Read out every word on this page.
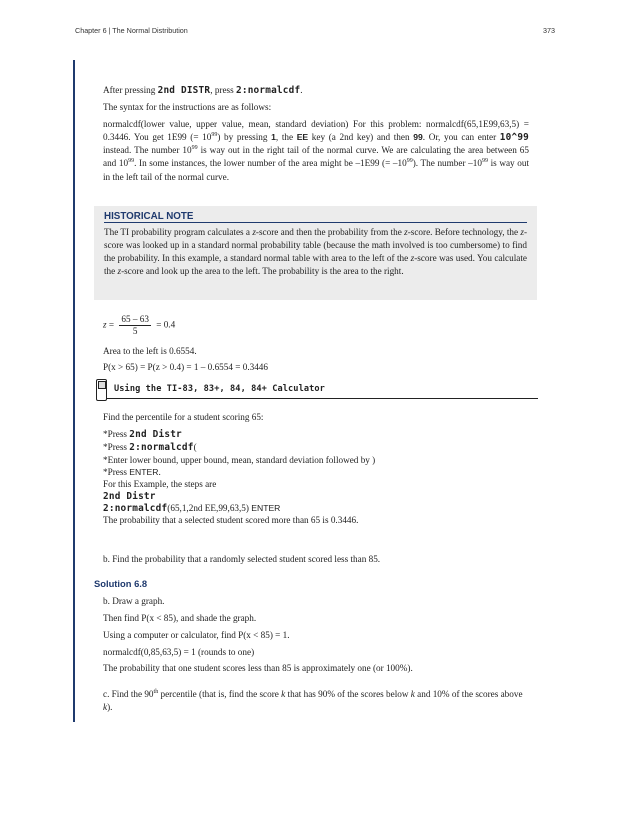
Chapter 6 | The Normal Distribution	373
After pressing 2nd DISTR, press 2:normalcdf.
The syntax for the instructions are as follows:
normalcdf(lower value, upper value, mean, standard deviation) For this problem: normalcdf(65,1E99,63,5) = 0.3446. You get 1E99 (= $10^{99}$) by pressing 1, the EE key (a 2nd key) and then 99. Or, you can enter 10^99 instead. The number $10^{99}$ is way out in the right tail of the normal curve. We are calculating the area between 65 and $10^{99}$. In some instances, the lower number of the area might be –1E99 (= $-10^{99}$). The number $-10^{99}$ is way out in the left tail of the normal curve.
HISTORICAL NOTE
The TI probability program calculates a z-score and then the probability from the z-score. Before technology, the z-score was looked up in a standard normal probability table (because the math involved is too cumbersome) to find the probability. In this example, a standard normal table with area to the left of the z-score was used. You calculate the z-score and look up the area to the left. The probability is the area to the right.
$z = \frac{65 - 63}{5} = 0.4$
Area to the left is 0.6554.
P(x > 65) = P(z > 0.4) = 1 – 0.6554 = 0.3446
Using the TI-83, 83+, 84, 84+ Calculator
Find the percentile for a student scoring 65:
*Press 2nd Distr
*Press 2:normalcdf(
*Enter lower bound, upper bound, mean, standard deviation followed by )
*Press ENTER.
For this Example, the steps are
2nd Distr
2:normalcdf(65,1,2nd EE,99,63,5) ENTER
The probability that a selected student scored more than 65 is 0.3446.
b. Find the probability that a randomly selected student scored less than 85.
Solution 6.8
b. Draw a graph.
Then find P(x < 85), and shade the graph.
Using a computer or calculator, find P(x < 85) = 1.
normalcdf(0,85,63,5) = 1 (rounds to one)
The probability that one student scores less than 85 is approximately one (or 100%).
c. Find the 90th percentile (that is, find the score k that has 90% of the scores below k and 10% of the scores above k).
